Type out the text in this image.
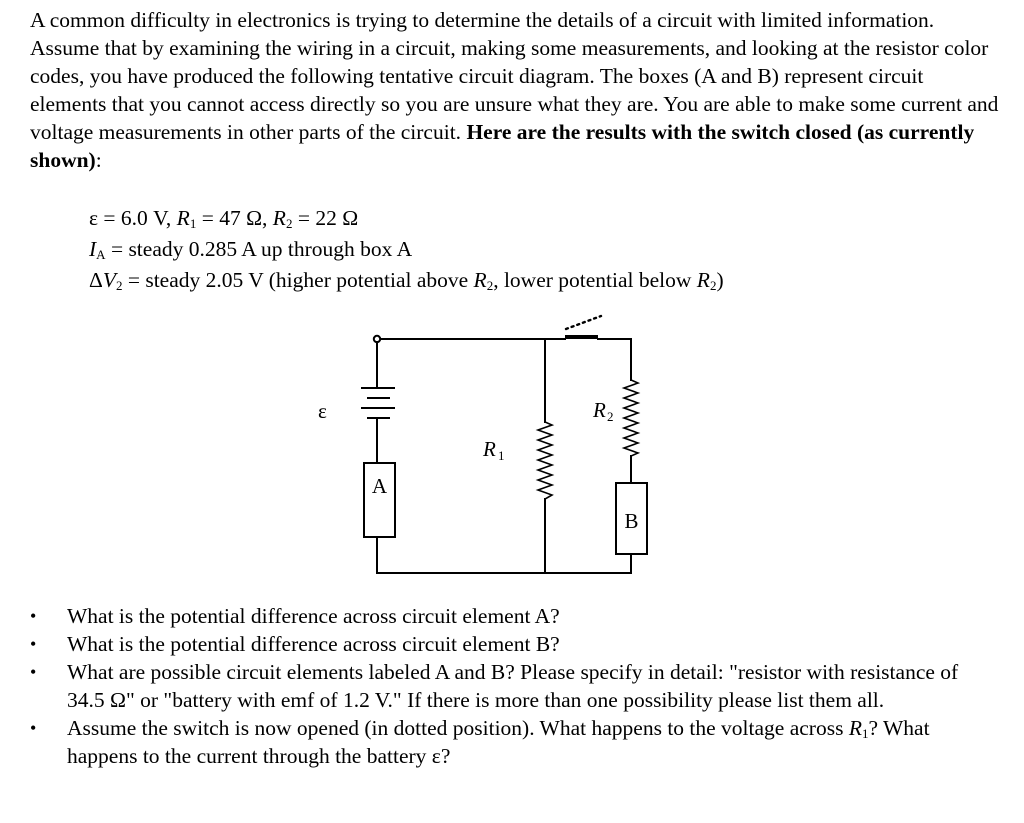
A common difficulty in electronics is trying to determine the details of a circuit with limited information. Assume that by examining the wiring in a circuit, making some measurements, and looking at the resistor color codes, you have produced the following tentative circuit diagram. The boxes (A and B) represent circuit elements that you cannot access directly so you are unsure what they are. You are able to make some current and voltage measurements in other parts of the circuit. Here are the results with the switch closed (as currently shown):

ε = 6.0 V, $R_1 = 47$ Ω, $R_2 = 22$ Ω
$I_A$ = steady 0.285 A up through box A
$\Delta V_2$ = steady 2.05 V (higher potential above $R_2$, lower potential below $R_2$)
ε
R 1
R 2
A
B
• What is the potential difference across circuit element A?
• What is the potential difference across circuit element B?
• What are possible circuit elements labeled A and B? Please specify in detail: "resistor with resistance of 34.5 Ω" or "battery with emf of 1.2 V." If there is more than one possibility please list them all.
• Assume the switch is now opened (in dotted position). What happens to the voltage across $R_1$? What happens to the current through the battery ε?
